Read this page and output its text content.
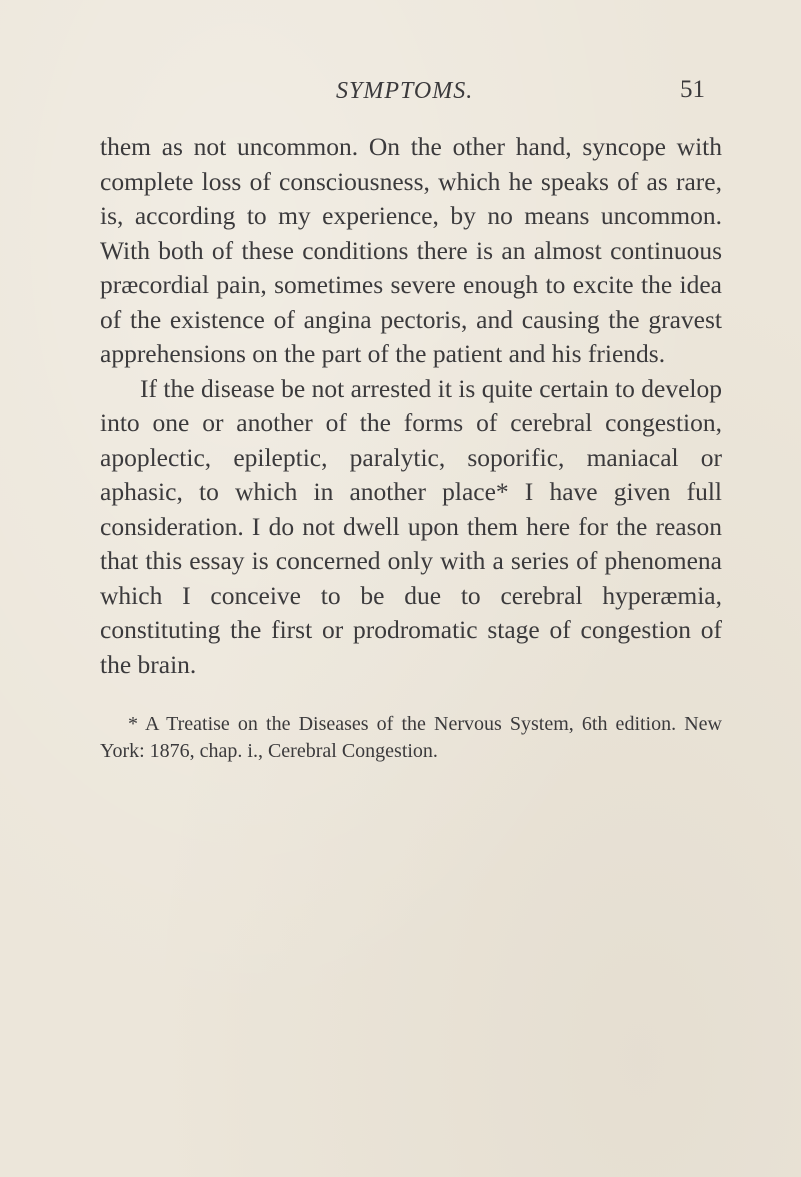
SYMPTOMS.	51

them as not uncommon. On the other hand, syncope with complete loss of consciousness, which he speaks of as rare, is, according to my experience, by no means uncommon. With both of these conditions there is an almost continuous præcordial pain, sometimes severe enough to excite the idea of the existence of angina pectoris, and causing the gravest apprehensions on the part of the patient and his friends.

If the disease be not arrested it is quite certain to develop into one or another of the forms of cerebral congestion, apoplectic, epileptic, paralytic, soporific, maniacal or aphasic, to which in another place* I have given full consideration. I do not dwell upon them here for the reason that this essay is concerned only with a series of phenomena which I conceive to be due to cerebral hyperæmia, constituting the first or prodromatic stage of congestion of the brain.

* A Treatise on the Diseases of the Nervous System, 6th edition. New York: 1876, chap. i., Cerebral Congestion.
